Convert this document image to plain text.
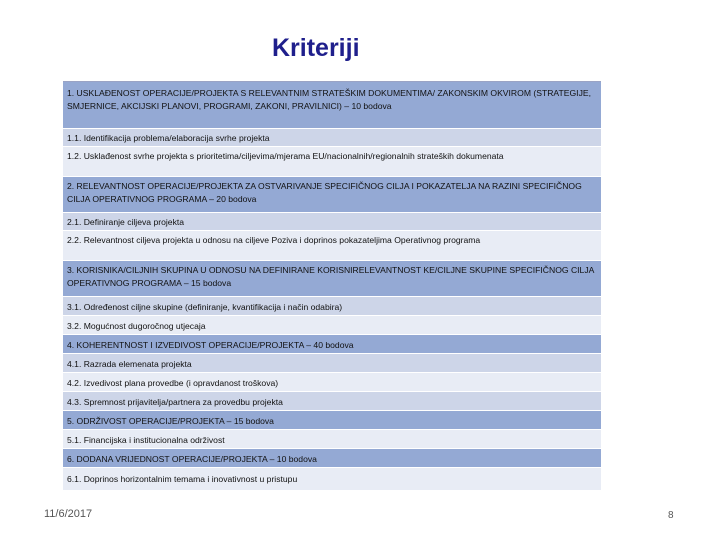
Kriteriji
1. USKLAĐENOST OPERACIJE/PROJEKTA S RELEVANTNIM STRATEŠKIM DOKUMENTIMA/ ZAKONSKIM OKVIROM (STRATEGIJE, SMJERNICE, AKCIJSKI PLANOVI, PROGRAMI, ZAKONI, PRAVILNICI) – 10 bodova
1.1. Identifikacija problema/elaboracija svrhe projekta
1.2. Usklađenost svrhe projekta s prioritetima/ciljevima/mjerama EU/nacionalnih/regionalnih strateških dokumenata
2. RELEVANTNOST OPERACIJE/PROJEKTA ZA OSTVARIVANJE SPECIFIČNOG CILJA I POKAZATELJA NA RAZINI SPECIFIČNOG CILJA OPERATIVNOG PROGRAMA – 20 bodova
2.1. Definiranje ciljeva projekta
2.2. Relevantnost ciljeva projekta u odnosu na ciljeve Poziva i doprinos pokazateljima Operativnog programa
3. KORISNIKA/CILJNIH SKUPINA U ODNOSU NA DEFINIRANE KORISNIRELEVANTNOST KE/CILJNE SKUPINE SPECIFIČNOG CILJA OPERATIVNOG PROGRAMA – 15 bodova
3.1. Određenost ciljne skupine (definiranje, kvantifikacija i način odabira)
3.2. Mogućnost dugoročnog utjecaja
4. KOHERENTNOST I IZVEDIVOST OPERACIJE/PROJEKTA – 40 bodova
4.1. Razrada elemenata projekta
4.2. Izvedivost plana provedbe (i opravdanost troškova)
4.3. Spremnost prijavitelja/partnera za provedbu projekta
5. ODRŽIVOST OPERACIJE/PROJEKTA – 15 bodova
5.1. Financijska i institucionalna održivost
6. DODANA VRIJEDNOST OPERACIJE/PROJEKTA – 10 bodova
6.1. Doprinos horizontalnim temama i inovativnost u pristupu
11/6/2017	8
